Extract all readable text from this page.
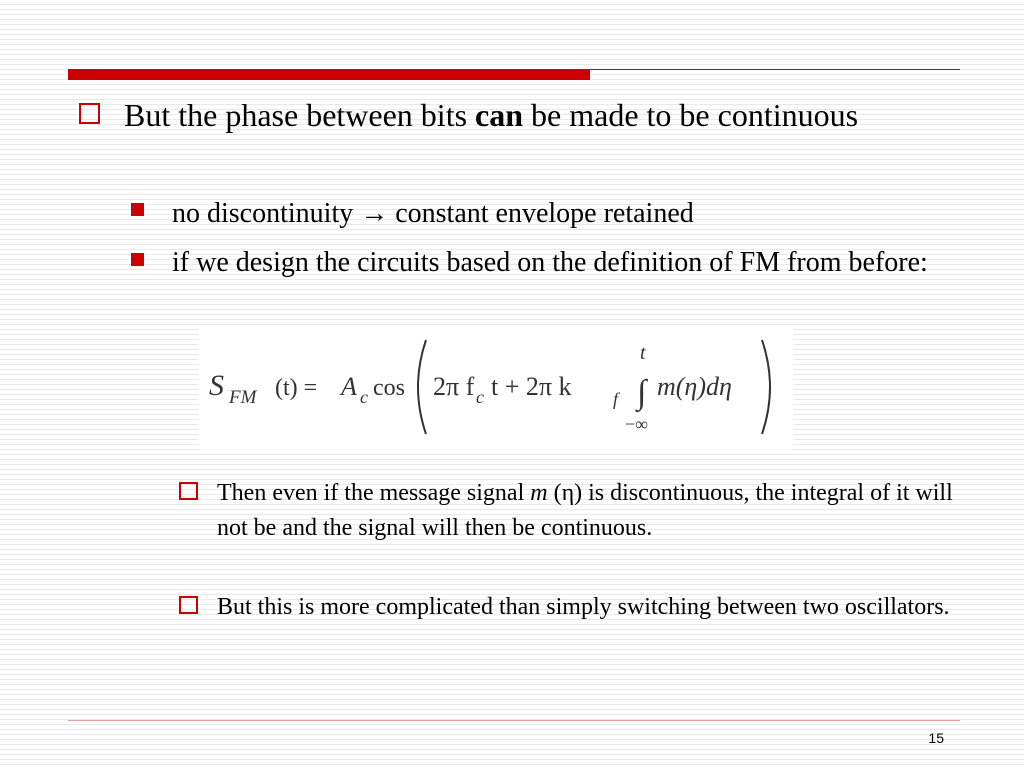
But the phase between bits can be made to be continuous
no discontinuity → constant envelope retained
if we design the circuits based on the definition of FM from before:
S FM (t) = A c cos 2π f c t + 2π k f
t
∫
−∞
m(η)dη
Then even if the message signal m (η) is discontinuous, the integral of it will not be and the signal will then be continuous.
But this is more complicated than simply switching between two oscillators.
15
